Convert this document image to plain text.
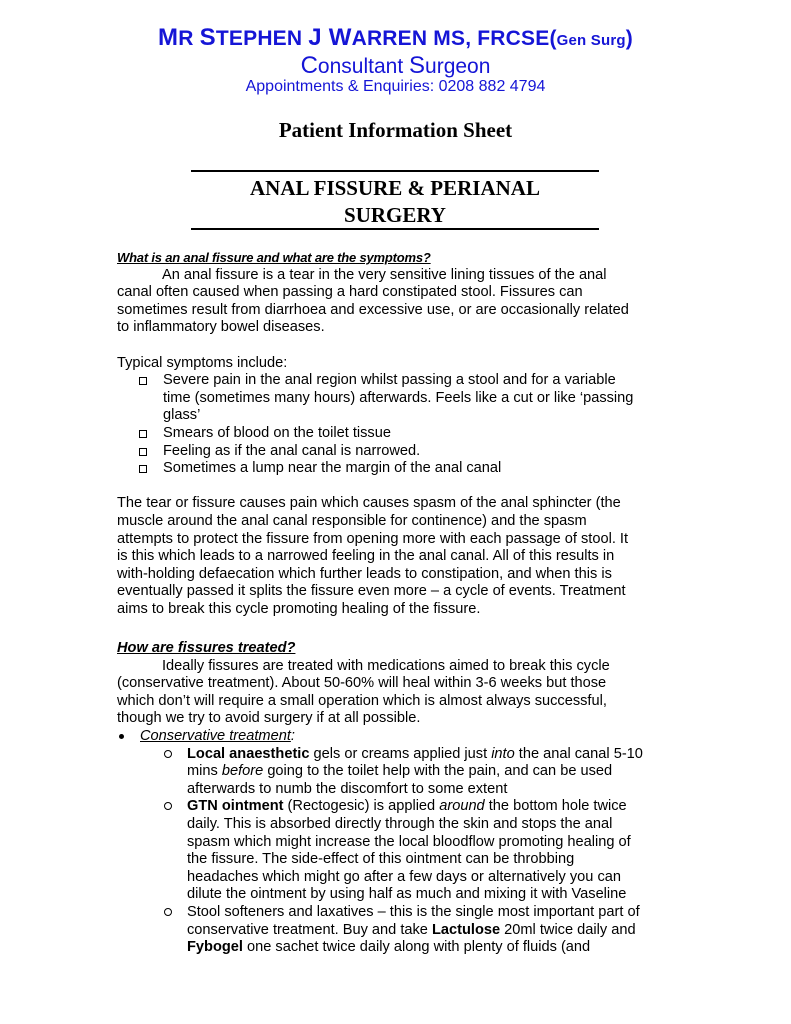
MR STEPHEN J WARREN MS, FRCSE(Gen Surg)
Consultant Surgeon
Appointments & Enquiries: 0208 882 4794
Patient Information Sheet
ANAL FISSURE & PERIANAL
SURGERY
What is an anal fissure and what are the symptoms?
An anal fissure is a tear in the very sensitive lining tissues of the anal
canal often caused when passing a hard constipated stool. Fissures can
sometimes result from diarrhoea and excessive use, or are occasionally related
to inflammatory bowel diseases.
Typical symptoms include:
Severe pain in the anal region whilst passing a stool and for a variable
time (sometimes many hours) afterwards. Feels like a cut or like ‘passing
glass’
Smears of blood on the toilet tissue
Feeling as if the anal canal is narrowed.
Sometimes a lump near the margin of the anal canal
The tear or fissure causes pain which causes spasm of the anal sphincter (the
muscle around the anal canal responsible for continence) and the spasm
attempts to protect the fissure from opening more with each passage of stool. It
is this which leads to a narrowed feeling in the anal canal. All of this results in
with-holding defaecation which further leads to constipation, and when this is
eventually passed it splits the fissure even more – a cycle of events. Treatment
aims to break this cycle promoting healing of the fissure.
How are fissures treated?
Ideally fissures are treated with medications aimed to break this cycle
(conservative treatment). About 50-60% will heal within 3-6 weeks but those
which don’t will require a small operation which is almost always successful,
though we try to avoid surgery if at all possible.
Conservative treatment:
Local anaesthetic gels or creams applied just into the anal canal 5-10
mins before going to the toilet help with the pain, and can be used
afterwards to numb the discomfort to some extent
GTN ointment (Rectogesic) is applied around the bottom hole twice
daily. This is absorbed directly through the skin and stops the anal
spasm which might increase the local bloodflow promoting healing of
the fissure. The side-effect of this ointment can be throbbing
headaches which might go after a few days or alternatively you can
dilute the ointment by using half as much and mixing it with Vaseline
Stool softeners and laxatives – this is the single most important part of
conservative treatment. Buy and take Lactulose 20ml twice daily and
Fybogel one sachet twice daily along with plenty of fluids (and
